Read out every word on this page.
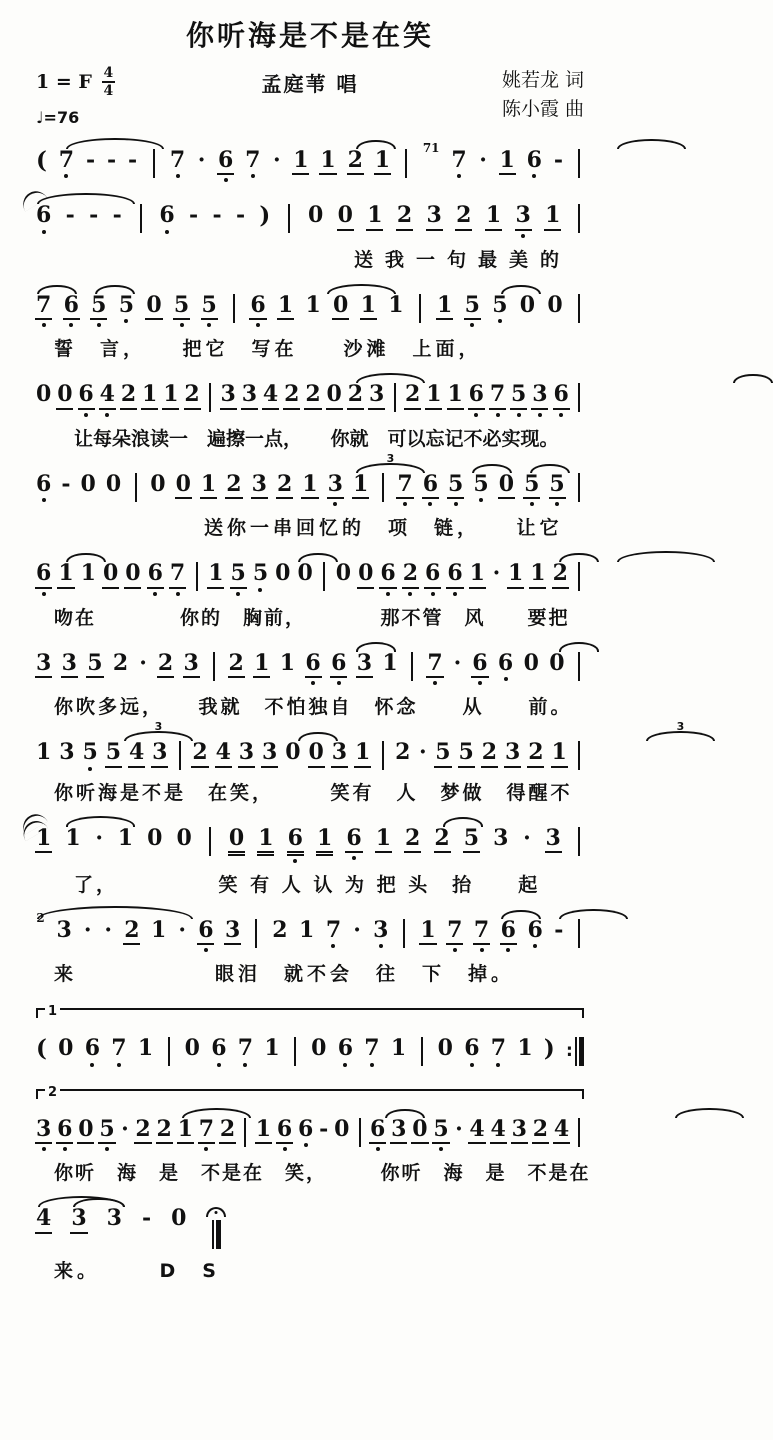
你听海是不是在笑
1 = F $\frac{4}{4}$
♩=76
孟庭苇 唱	姚若龙 词
陈小霞 曲
( 7 - - - 7 · 6 7 · 1 1 2 1	71 7 · 1 6 -
6 - - - 6 - - - ) 0 0 1 2 3 2 1 3 1
送我一句最美的
7 6 5 5 0 5 5 6 1 1 0 1 1 1 5 5 0 0
誓　言，　　把它　写在　　沙滩　上面，
0 0 6 4 2 1 1 2 3 3 4 2 2 0 2 3 2 1 1 6 7 5 3 6
让每朵浪读一　遍擦一点，　　你就　可以忘记不必实现。
6 - 0 0 0 0 1 2 3 2 1 3 1 7 6 5 5 0 5 5
3
送你一串回忆的　项　链，　　让它
6 1 1 0 0 6 7 1 5 5 0 0 0 0 6 2 6 6 1 · 1 1 2
吻在　　　　你的　胸前，　　　　那不管　风　　要把
3 3 5 2 · 2 3 2 1 1 6 6 3 1 7 · 6 6 0 0
你吹多远，　　我就　不怕独自　怀念　　从　　前。
1 3 5 5 4 3 2 4 3 3 0 0 3 1 2 · 5 5 2 3 2 1
3	3
你听海是不是　在笑，　　　笑有　人　梦做　得醒不
1 1 · 1 0 0 0 1 6 1 6 1 2 2 5 3 · 3
了，　　　　　笑 有 人 认 为 把 头　抬　　起
2 3 · · 2 1 · 6 3 2 1 7 · 3 1 7 7 6 6 -
来　　　　　　眼泪　就不会　往　下　掉。
1
( 0 6 7 1 0 6 7 1 0 6 7 1 0 6 7 1 ) :
2
3 6 0 5 · 2 2 1 7 2 1 6 6 - 0 6 3 0 5 · 4 4 3 2 4
你听　海　是　不是在　笑，　　　你听　海　是　不是在
4 3 3 - 0
来。　　　D　S
